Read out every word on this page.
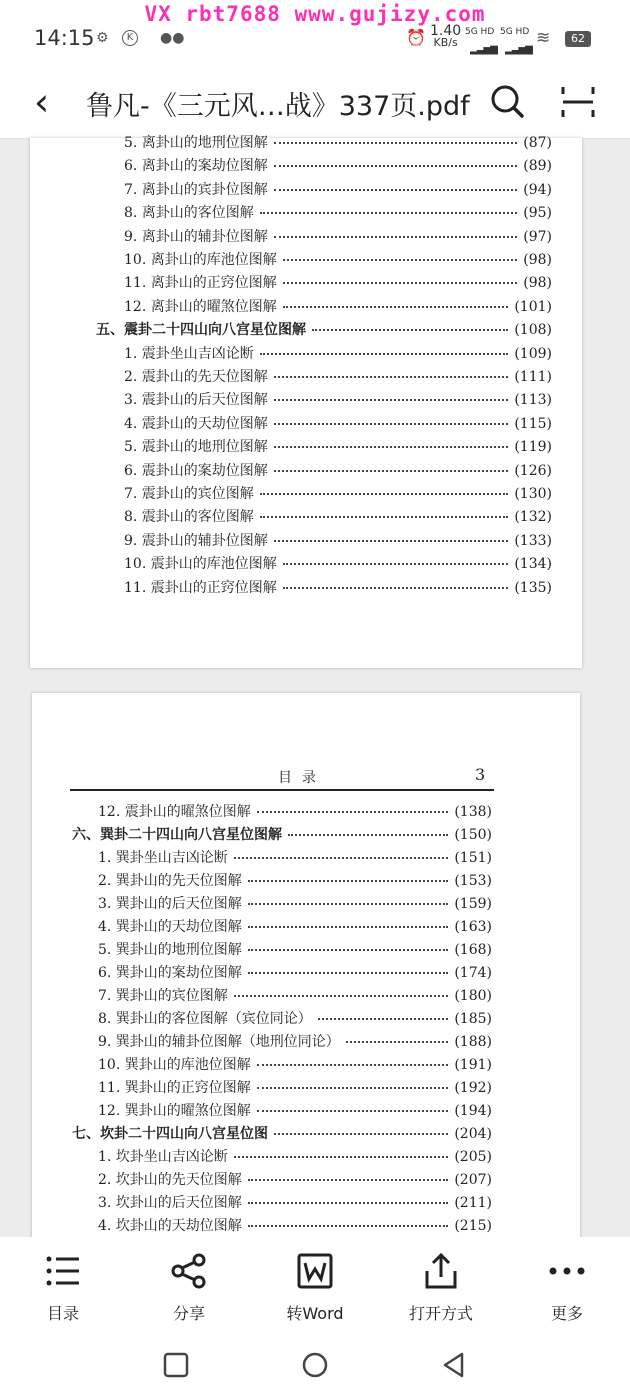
VX rbt7688 www.gujizy.com
14:15 ⚙	K	●●	⏰ 1.40
KB/s
5G HD
▂▃▅▆
5G HD
▂▃▅▆
≋	62
‹ 鲁凡-《三元风…战》337页.pdf
5. 离卦山的地刑位图解	(87)
6. 离卦山的案劫位图解	(89)
7. 离卦山的宾卦位图解	(94)
8. 离卦山的客位图解	(95)
9. 离卦山的辅卦位图解	(97)
10. 离卦山的库池位图解	(98)
11. 离卦山的正窍位图解	(98)
12. 离卦山的曜煞位图解	(101)
五、震卦二十四山向八宫星位图解	(108)
1. 震卦坐山吉凶论断	(109)
2. 震卦山的先天位图解	(111)
3. 震卦山的后天位图解	(113)
4. 震卦山的天劫位图解	(115)
5. 震卦山的地刑位图解	(119)
6. 震卦山的案劫位图解	(126)
7. 震卦山的宾位图解	(130)
8. 震卦山的客位图解	(132)
9. 震卦山的辅卦位图解	(133)
10. 震卦山的库池位图解	(134)
11. 震卦山的正窍位图解	(135)
目录	3
12. 震卦山的曜煞位图解	(138)
六、巽卦二十四山向八宫星位图解	(150)
1. 巽卦坐山吉凶论断	(151)
2. 巽卦山的先天位图解	(153)
3. 巽卦山的后天位图解	(159)
4. 巽卦山的天劫位图解	(163)
5. 巽卦山的地刑位图解	(168)
6. 巽卦山的案劫位图解	(174)
7. 巽卦山的宾位图解	(180)
8. 巽卦山的客位图解（宾位同论）	(185)
9. 巽卦山的辅卦位图解（地刑位同论）	(188)
10. 巽卦山的库池位图解	(191)
11. 巽卦山的正窍位图解	(192)
12. 巽卦山的曜煞位图解	(194)
七、坎卦二十四山向八宫星位图	(204)
1. 坎卦坐山吉凶论断	(205)
2. 坎卦山的先天位图解	(207)
3. 坎卦山的后天位图解	(211)
4. 坎卦山的天劫位图解	(215)
目录	分享	转Word	打开方式	更多
